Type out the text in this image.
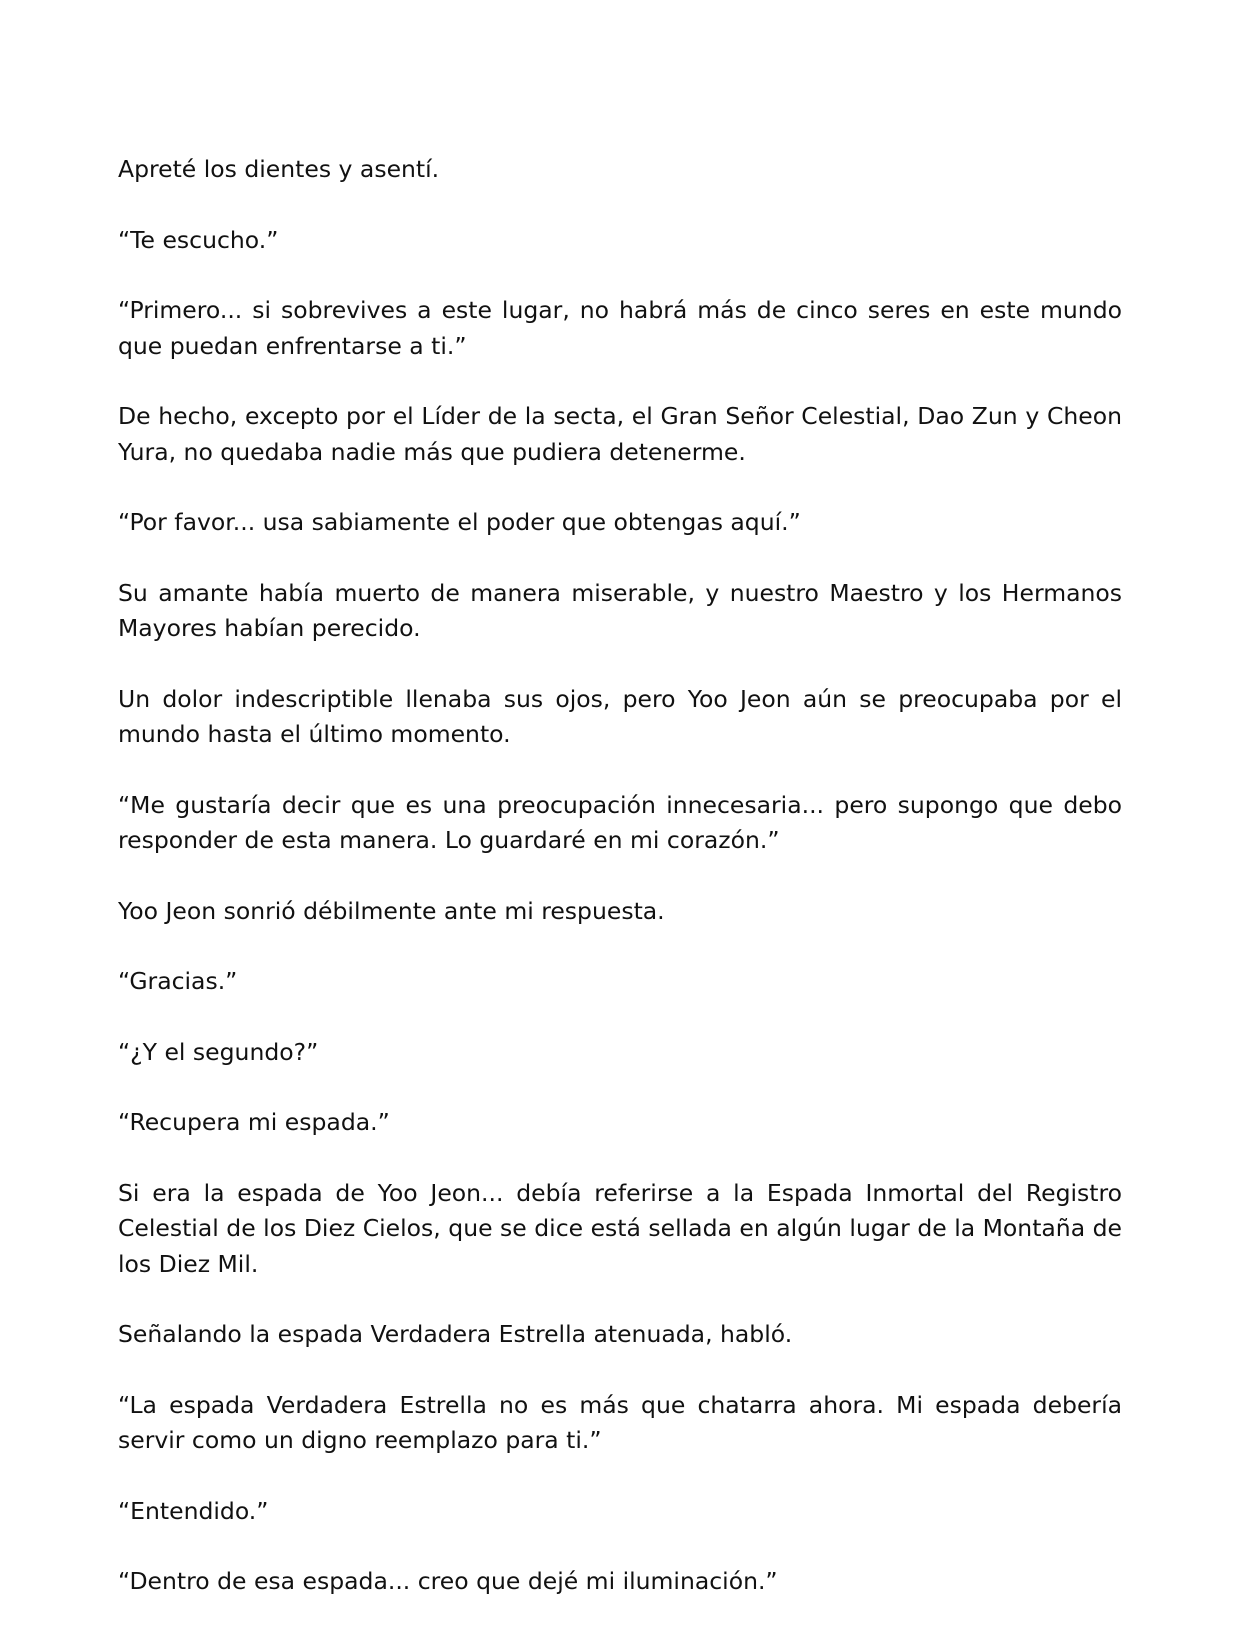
Apreté los dientes y asentí.

“Te escucho.”

“Primero... si sobrevives a este lugar, no habrá más de cinco seres en este mundo que puedan enfrentarse a ti.”

De hecho, excepto por el Líder de la secta, el Gran Señor Celestial, Dao Zun y Cheon Yura, no quedaba nadie más que pudiera detenerme.

“Por favor... usa sabiamente el poder que obtengas aquí.”

Su amante había muerto de manera miserable, y nuestro Maestro y los Hermanos Mayores habían perecido.

Un dolor indescriptible llenaba sus ojos, pero Yoo Jeon aún se preocupaba por el mundo hasta el último momento.

“Me gustaría decir que es una preocupación innecesaria... pero supongo que debo responder de esta manera. Lo guardaré en mi corazón.”

Yoo Jeon sonrió débilmente ante mi respuesta.

“Gracias.”

“¿Y el segundo?”

“Recupera mi espada.”

Si era la espada de Yoo Jeon... debía referirse a la Espada Inmortal del Registro Celestial de los Diez Cielos, que se dice está sellada en algún lugar de la Montaña de los Diez Mil.

Señalando la espada Verdadera Estrella atenuada, habló.

“La espada Verdadera Estrella no es más que chatarra ahora. Mi espada debería servir como un digno reemplazo para ti.”

“Entendido.”

“Dentro de esa espada... creo que dejé mi iluminación.”
